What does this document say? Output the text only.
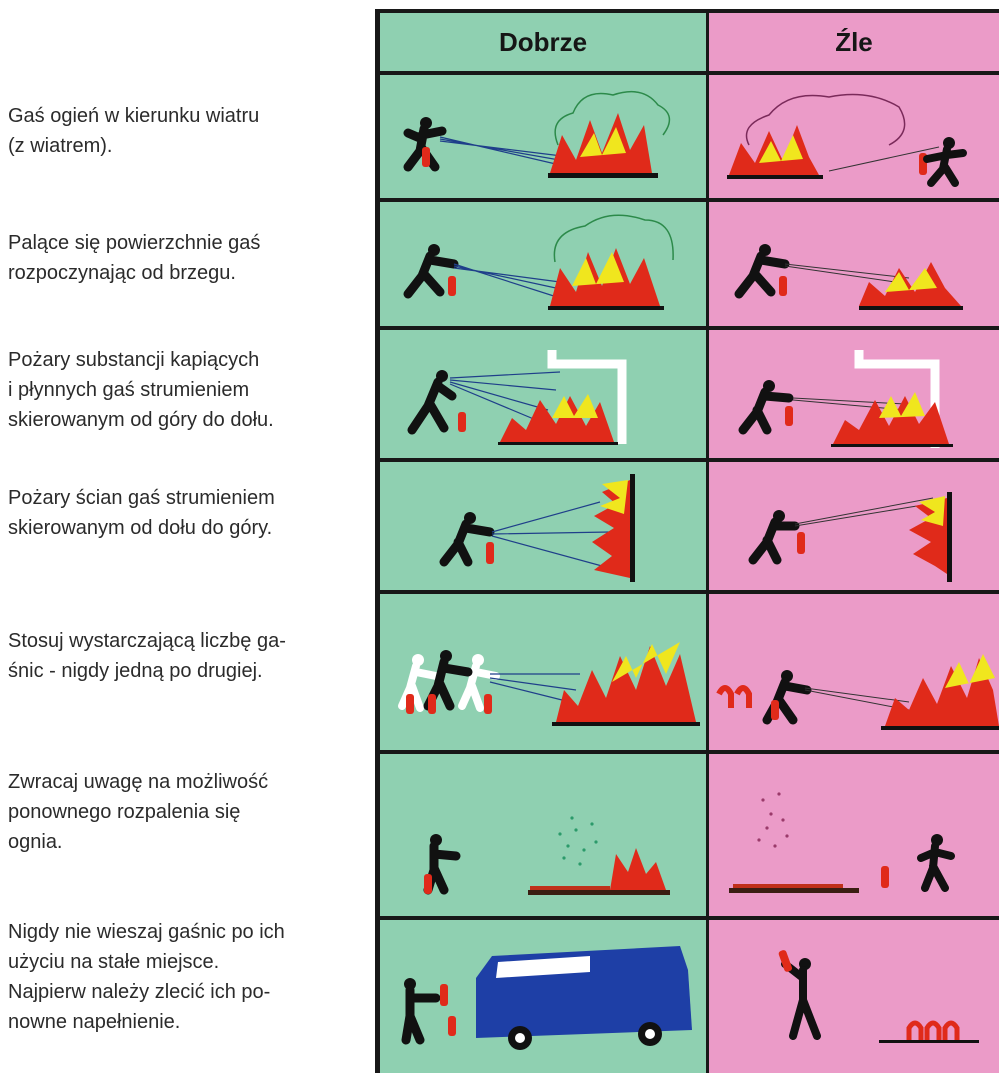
Gaś ogień w kierunku wiatru
(z wiatrem).
Palące się powierzchnie gaś
rozpoczynając od brzegu.
Pożary substancji kapiących
i płynnych gaś strumieniem
skierowanym od góry do dołu.
Pożary ścian gaś strumieniem
skierowanym od dołu do góry.
Stosuj wystarczającą liczbę ga-
śnic - nigdy jedną po drugiej.
Zwracaj uwagę na możliwość
ponownego rozpalenia się
ognia.
Nigdy nie wieszaj gaśnic po ich
użyciu na stałe miejsce.
Najpierw należy zlecić ich po-
nowne napełnienie.
Dobrze	Źle
